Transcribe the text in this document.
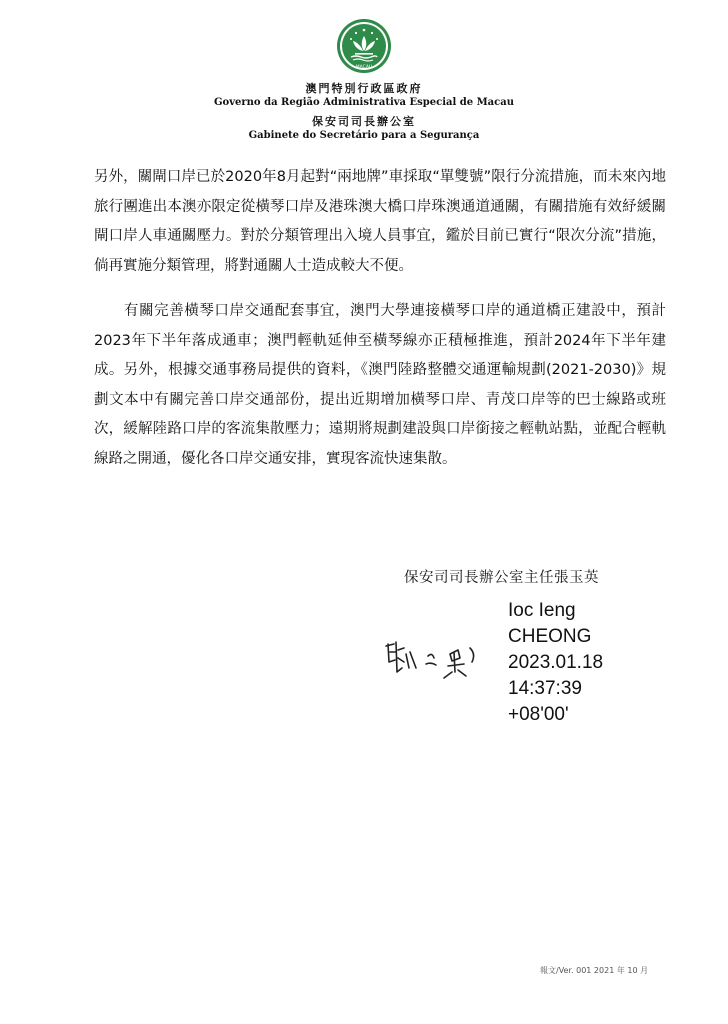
MACAU
澳門特別行政區政府
Governo da Região Administrativa Especial de Macau
保安司司長辦公室
Gabinete do Secretário para a Segurança

另外，關閘口岸已於2020年8月起對“兩地牌”車採取“單雙號”限行分流措施，而未來內地旅行團進出本澳亦限定從橫琴口岸及港珠澳大橋口岸珠澳通道通關，有關措施有效紓緩關閘口岸人車通關壓力。對於分類管理出入境人員事宜，鑑於目前已實行“限次分流”措施，倘再實施分類管理，將對通關人士造成較大不便。

有關完善橫琴口岸交通配套事宜，澳門大學連接橫琴口岸的通道橋正建設中，預計2023年下半年落成通車；澳門輕軌延伸至橫琴線亦正積極推進，預計2024年下半年建成。另外，根據交通事務局提供的資料，《澳門陸路整體交通運輸規劃(2021-2030)》規劃文本中有關完善口岸交通部份，提出近期增加橫琴口岸、青茂口岸等的巴士線路或班次，緩解陸路口岸的客流集散壓力；遠期將規劃建設與口岸銜接之輕軌站點，並配合輕軌線路之開通，優化各口岸交通安排，實現客流快速集散。

保安司司長辦公室主任張玉英
Ioc Ieng
CHEONG
2023.01.18
14:37:39
+08'00'
報文/Ver. 001 2021 年 10 月
